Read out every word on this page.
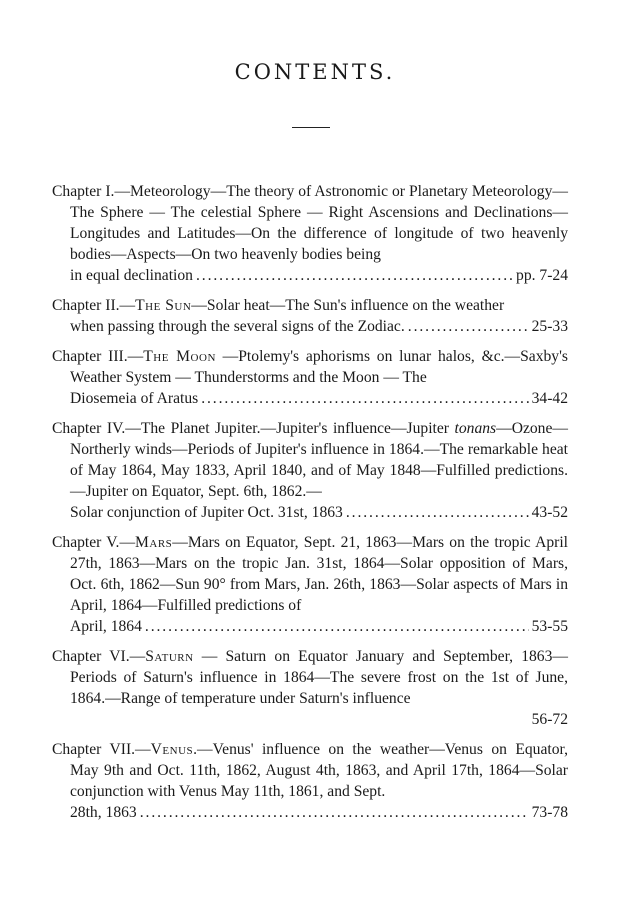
CONTENTS.
Chapter I.—Meteorology—The theory of Astronomic or Planetary Meteorology—The Sphere — The celestial Sphere — Right Ascensions and Declinations—Longitudes and Latitudes—On the difference of longitude of two heavenly bodies—Aspects—On two heavenly bodies being
in equal declination . . .	pp. 7-24
Chapter II.—The Sun—Solar heat—The Sun's influence on the weather
when passing through the several signs of the Zodiac. . . .	25-33
Chapter III.—The Moon —Ptolemy's aphorisms on lunar halos, &c.—Saxby's Weather System — Thunderstorms and the Moon — The
Diosemeia of Aratus . . .	34-42
Chapter IV.—The Planet Jupiter.—Jupiter's influence—Jupiter tonans—Ozone—Northerly winds—Periods of Jupiter's influence in 1864.—The remarkable heat of May 1864, May 1833, April 1840, and of May 1848—Fulfilled predictions.—Jupiter on Equator, Sept. 6th, 1862.—
Solar conjunction of Jupiter Oct. 31st, 1863 . . .	43-52
Chapter V.—Mars—Mars on Equator, Sept. 21, 1863—Mars on the tropic April 27th, 1863—Mars on the tropic Jan. 31st, 1864—Solar opposition of Mars, Oct. 6th, 1862—Sun 90° from Mars, Jan. 26th, 1863—Solar aspects of Mars in April, 1864—Fulfilled predictions of
April, 1864 . . .	53-55
Chapter VI.—Saturn — Saturn on Equator January and September, 1863—Periods of Saturn's influence in 1864—The severe frost on the 1st of June, 1864.—Range of temperature under Saturn's influence
56-72
Chapter VII.—Venus.—Venus' influence on the weather—Venus on Equator, May 9th and Oct. 11th, 1862, August 4th, 1863, and April 17th, 1864—Solar conjunction with Venus May 11th, 1861, and Sept.
28th, 1863 . . .	73-78
